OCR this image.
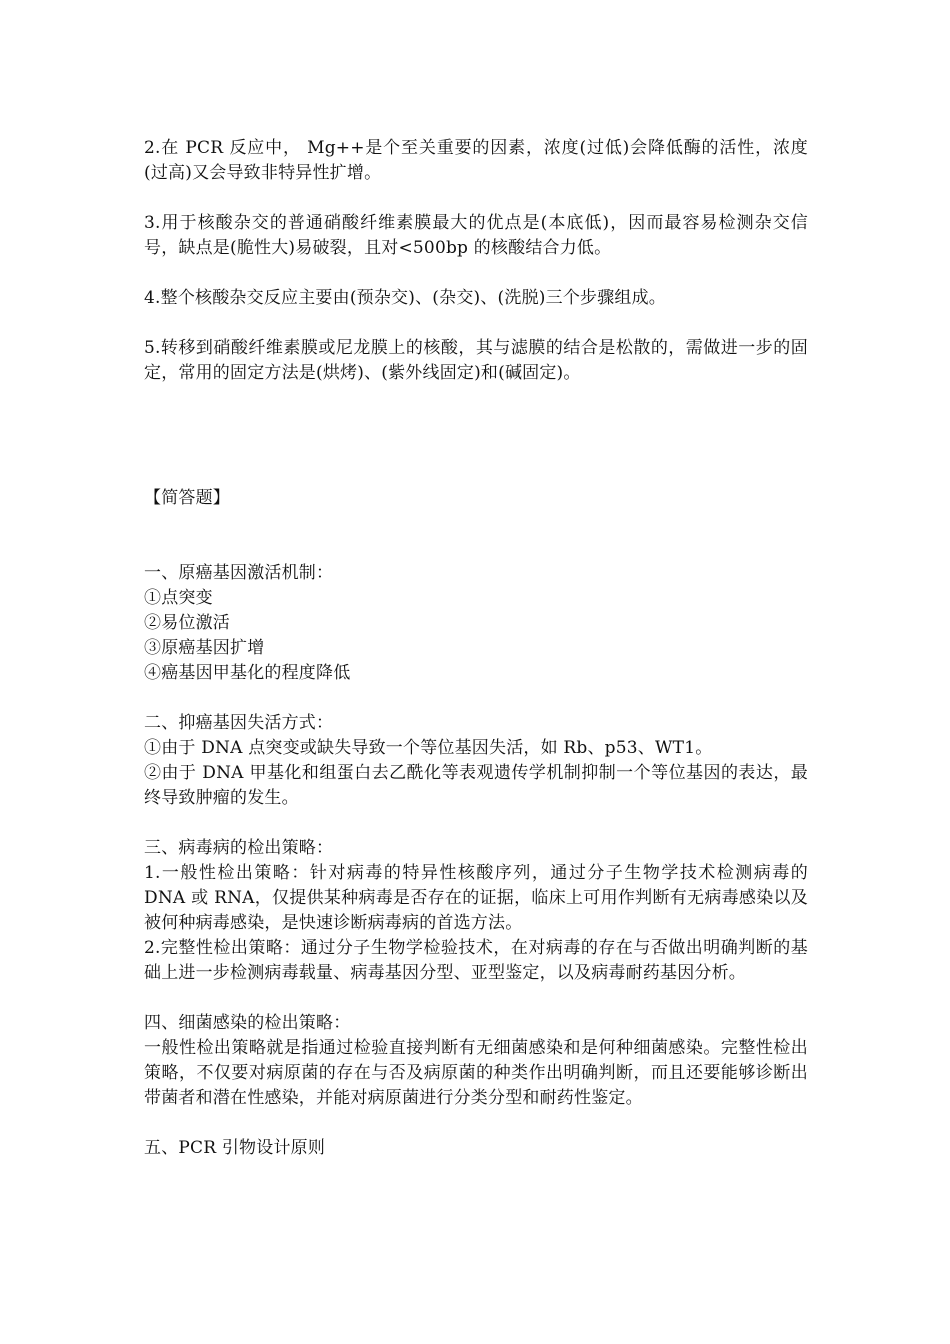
2.在 PCR 反应中， Mg++是个至关重要的因素，浓度(过低)会降低酶的活性，浓度(过高)又会导致非特异性扩增。

3.用于核酸杂交的普通硝酸纤维素膜最大的优点是(本底低)，因而最容易检测杂交信号，缺点是(脆性大)易破裂，且对<500bp 的核酸结合力低。

4.整个核酸杂交反应主要由(预杂交)、(杂交)、(洗脱)三个步骤组成。

5.转移到硝酸纤维素膜或尼龙膜上的核酸，其与滤膜的结合是松散的，需做进一步的固定，常用的固定方法是(烘烤)、(紫外线固定)和(碱固定)。

【简答题】

一、原癌基因激活机制：

①点突变

②易位激活

③原癌基因扩增

④癌基因甲基化的程度降低

二、抑癌基因失活方式：

①由于 DNA 点突变或缺失导致一个等位基因失活，如 Rb、p53、WT1。

②由于 DNA 甲基化和组蛋白去乙酰化等表观遗传学机制抑制一个等位基因的表达，最终导致肿瘤的发生。

三、病毒病的检出策略：

1.一般性检出策略：针对病毒的特异性核酸序列，通过分子生物学技术检测病毒的 DNA 或 RNA，仅提供某种病毒是否存在的证据，临床上可用作判断有无病毒感染以及被何种病毒感染，是快速诊断病毒病的首选方法。

2.完整性检出策略：通过分子生物学检验技术，在对病毒的存在与否做出明确判断的基础上进一步检测病毒载量、病毒基因分型、亚型鉴定，以及病毒耐药基因分析。

四、细菌感染的检出策略：

一般性检出策略就是指通过检验直接判断有无细菌感染和是何种细菌感染。完整性检出策略，不仅要对病原菌的存在与否及病原菌的种类作出明确判断，而且还要能够诊断出带菌者和潜在性感染，并能对病原菌进行分类分型和耐药性鉴定。

五、PCR 引物设计原则
